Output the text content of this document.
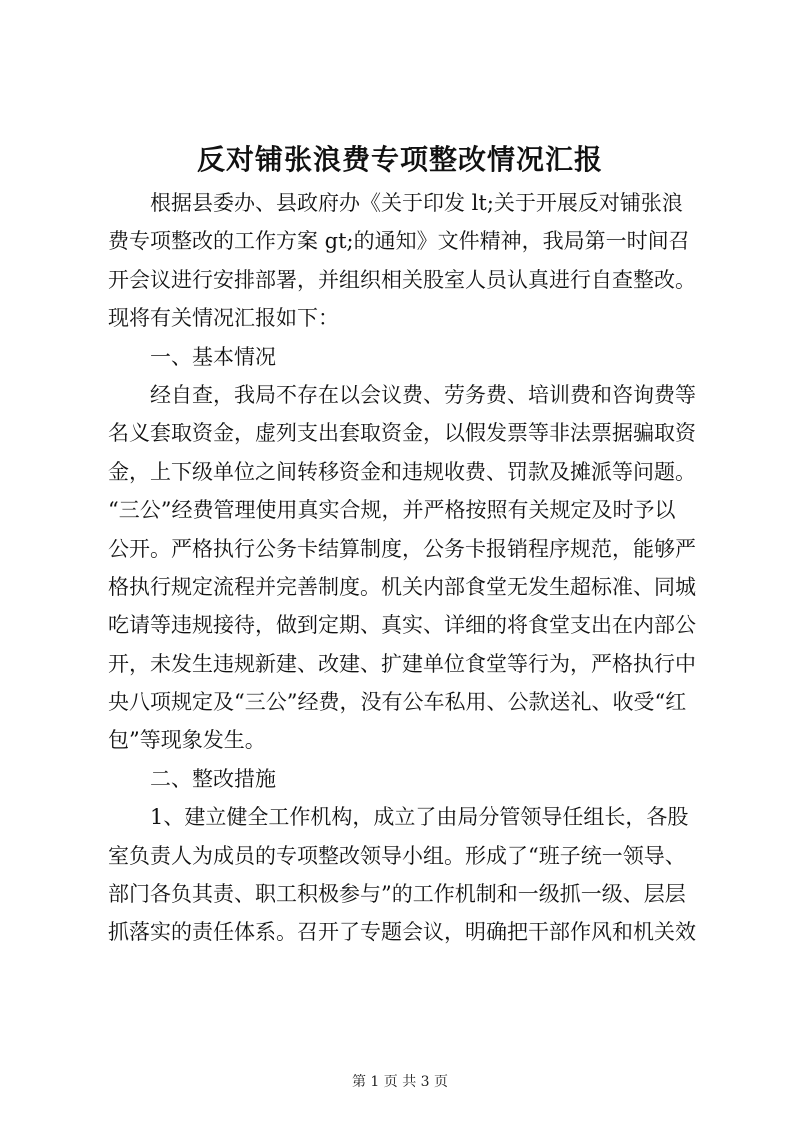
反对铺张浪费专项整改情况汇报
根据县委办、县政府办《关于印发 lt;关于开展反对铺张浪
费专项整改的工作方案 gt;的通知》文件精神，我局第一时间召
开会议进行安排部署，并组织相关股室人员认真进行自查整改。
现将有关情况汇报如下：
一、基本情况
经自查，我局不存在以会议费、劳务费、培训费和咨询费等
名义套取资金，虚列支出套取资金，以假发票等非法票据骗取资
金，上下级单位之间转移资金和违规收费、罚款及摊派等问题。
“三公”经费管理使用真实合规，并严格按照有关规定及时予以
公开。严格执行公务卡结算制度，公务卡报销程序规范，能够严
格执行规定流程并完善制度。机关内部食堂无发生超标准、同城
吃请等违规接待，做到定期、真实、详细的将食堂支出在内部公
开，未发生违规新建、改建、扩建单位食堂等行为，严格执行中
央八项规定及“三公”经费，没有公车私用、公款送礼、收受“红
包”等现象发生。
二、整改措施
1、建立健全工作机构，成立了由局分管领导任组长，各股
室负责人为成员的专项整改领导小组。形成了“班子统一领导、
部门各负其责、职工积极参与”的工作机制和一级抓一级、层层
抓落实的责任体系。召开了专题会议，明确把干部作风和机关效
第 1 页 共 3 页
